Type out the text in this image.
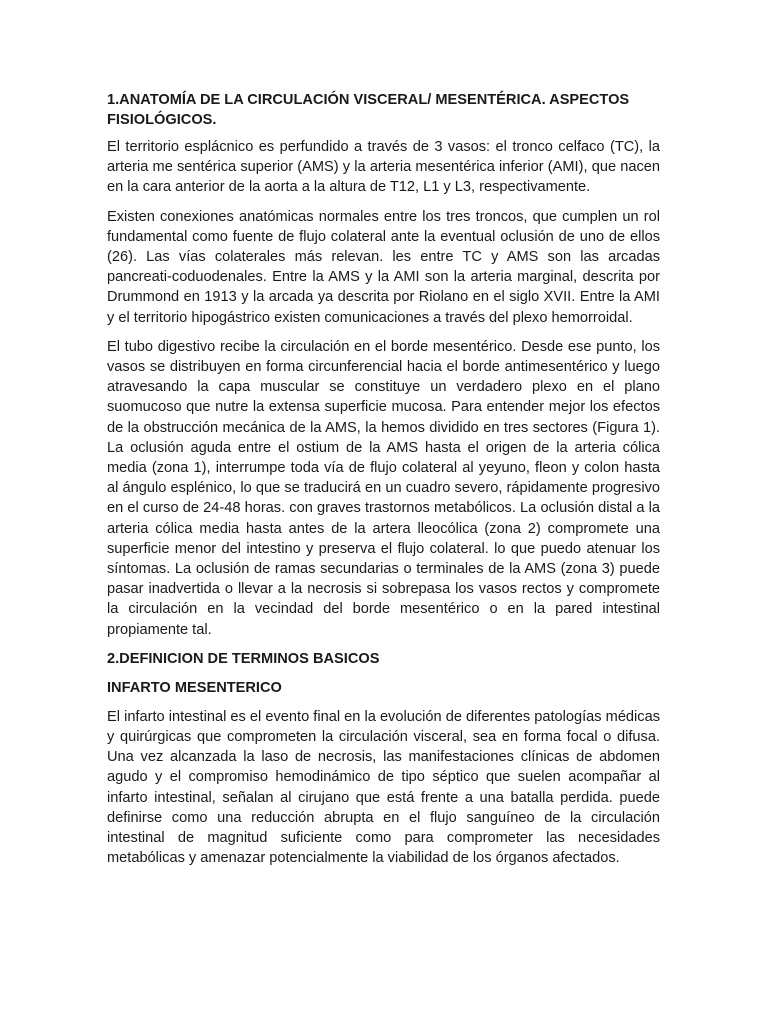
1.ANATOMÍA DE LA CIRCULACIÓN VISCERAL/ MESENTÉRICA. ASPECTOS FISIOLÓGICOS.

El territorio esplácnico es perfundido a través de 3 vasos: el tronco celfaco (TC), la arteria me sentérica superior (AMS) y la arteria mesentérica inferior (AMI), que nacen en la cara anterior de la aorta a la altura de T12, L1 y L3, respectivamente.

Existen conexiones anatómicas normales entre los tres troncos, que cumplen un rol fundamental como fuente de flujo colateral ante la eventual oclusión de uno de ellos (26). Las vías colaterales más relevan. les entre TC y AMS son las arcadas pancreati-coduodenales. Entre la AMS y la AMI son la arteria marginal, descrita por Drummond en 1913 y la arcada ya descrita por Riolano en el siglo XVII. Entre la AMI y el territorio hipogástrico existen comunicaciones a través del plexo hemorroidal.

El tubo digestivo recibe la circulación en el borde mesentérico. Desde ese punto, los vasos se distribuyen en forma circunferencial hacia el borde antimesentérico y luego atravesando la capa muscular se constituye un verdadero plexo en el plano suomucoso que nutre la extensa superficie mucosa. Para entender mejor los efectos de la obstrucción mecánica de la AMS, la hemos dividido en tres sectores (Figura 1). La oclusión aguda entre el ostium de la AMS hasta el origen de la arteria cólica media (zona 1), interrumpe toda vía de flujo colateral al yeyuno, fleon y colon hasta al ángulo esplénico, lo que se traducirá en un cuadro severo, rápidamente progresivo en el curso de 24-48 horas. con graves trastornos metabólicos. La oclusión distal a la arteria cólica media hasta antes de la artera lleocólica (zona 2) compromete una superficie menor del intestino y preserva el flujo colateral. lo que puedo atenuar los síntomas. La oclusión de ramas secundarias o terminales de la AMS (zona 3) puede pasar inadvertida o llevar a la necrosis si sobrepasa los vasos rectos y compromete la circulación en la vecindad del borde mesentérico o en la pared intestinal propiamente tal.

2.DEFINICION DE TERMINOS BASICOS
INFARTO MESENTERICO

El infarto intestinal es el evento final en la evolución de diferentes patologías médicas y quirúrgicas que comprometen la circulación visceral, sea en forma focal o difusa. Una vez alcanzada la laso de necrosis, las manifestaciones clínicas de abdomen agudo y el compromiso hemodinámico de tipo séptico que suelen acompañar al infarto intestinal, señalan al cirujano que está frente a una batalla perdida. puede definirse como una reducción abrupta en el flujo sanguíneo de la circulación intestinal de magnitud suficiente como para comprometer las necesidades metabólicas y amenazar potencialmente la viabilidad de los órganos afectados.
